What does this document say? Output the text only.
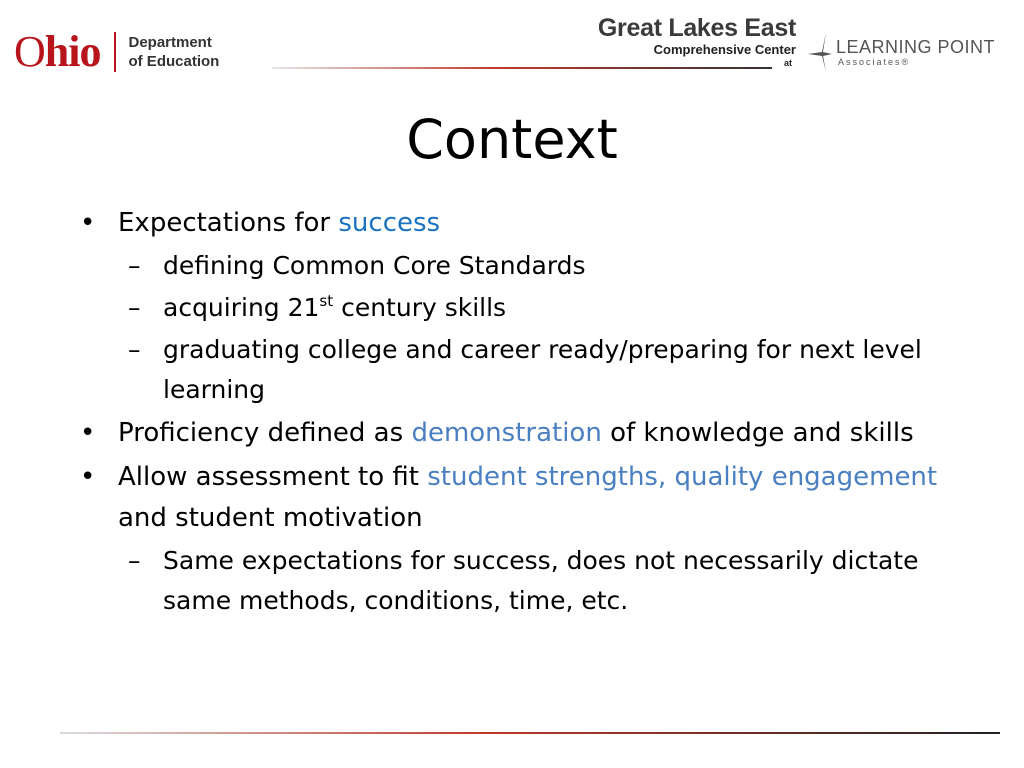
Ohio Department
of Education
Great Lakes East
Comprehensive Center
at
LEARNING POINT
Associates®
Context
• Expectations for success
– defining Common Core Standards
– acquiring 21st century skills
– graduating college and career ready/preparing for next level learning
• Proficiency defined as demonstration of knowledge and skills
• Allow assessment to fit student strengths, quality engagement and student motivation
– Same expectations for success, does not necessarily dictate same methods, conditions, time, etc.
